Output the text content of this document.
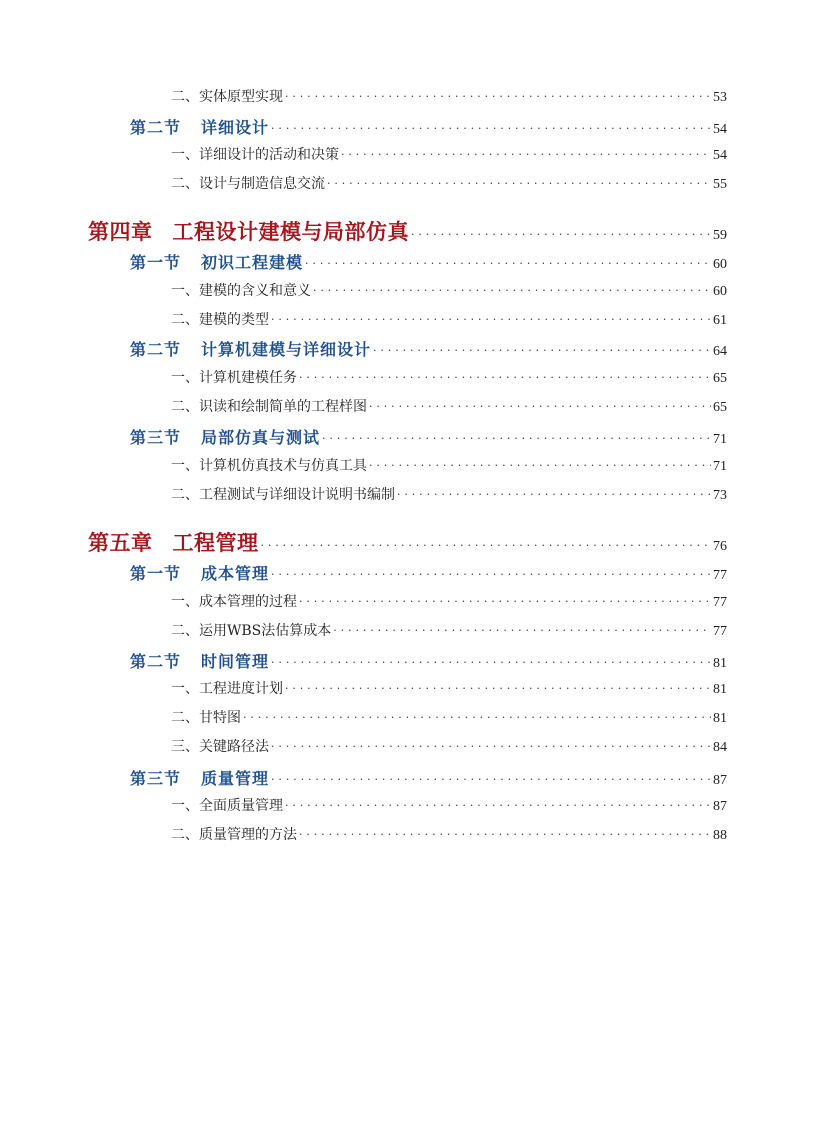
二、实体原型实现 · · ·	53
第二节 详细设计 · · ·	54
一、详细设计的活动和决策 · · ·	54
二、设计与制造信息交流 · · ·	55
第四章 工程设计建模与局部仿真 · · ·	59
第一节 初识工程建模 · · ·	60
一、建模的含义和意义 · · ·	60
二、建模的类型 · · ·	61
第二节 计算机建模与详细设计 · · ·	64
一、计算机建模任务 · · ·	65
二、识读和绘制简单的工程样图 · · ·	65
第三节 局部仿真与测试 · · ·	71
一、计算机仿真技术与仿真工具 · · ·	71
二、工程测试与详细设计说明书编制 · · ·	73
第五章 工程管理 · · ·	76
第一节 成本管理 · · ·	77
一、成本管理的过程 · · ·	77
二、运用WBS法估算成本 · · ·	77
第二节 时间管理 · · ·	81
一、工程进度计划 · · ·	81
二、甘特图 · · ·	81
三、关键路径法 · · ·	84
第三节 质量管理 · · ·	87
一、全面质量管理 · · ·	87
二、质量管理的方法 · · ·	88
